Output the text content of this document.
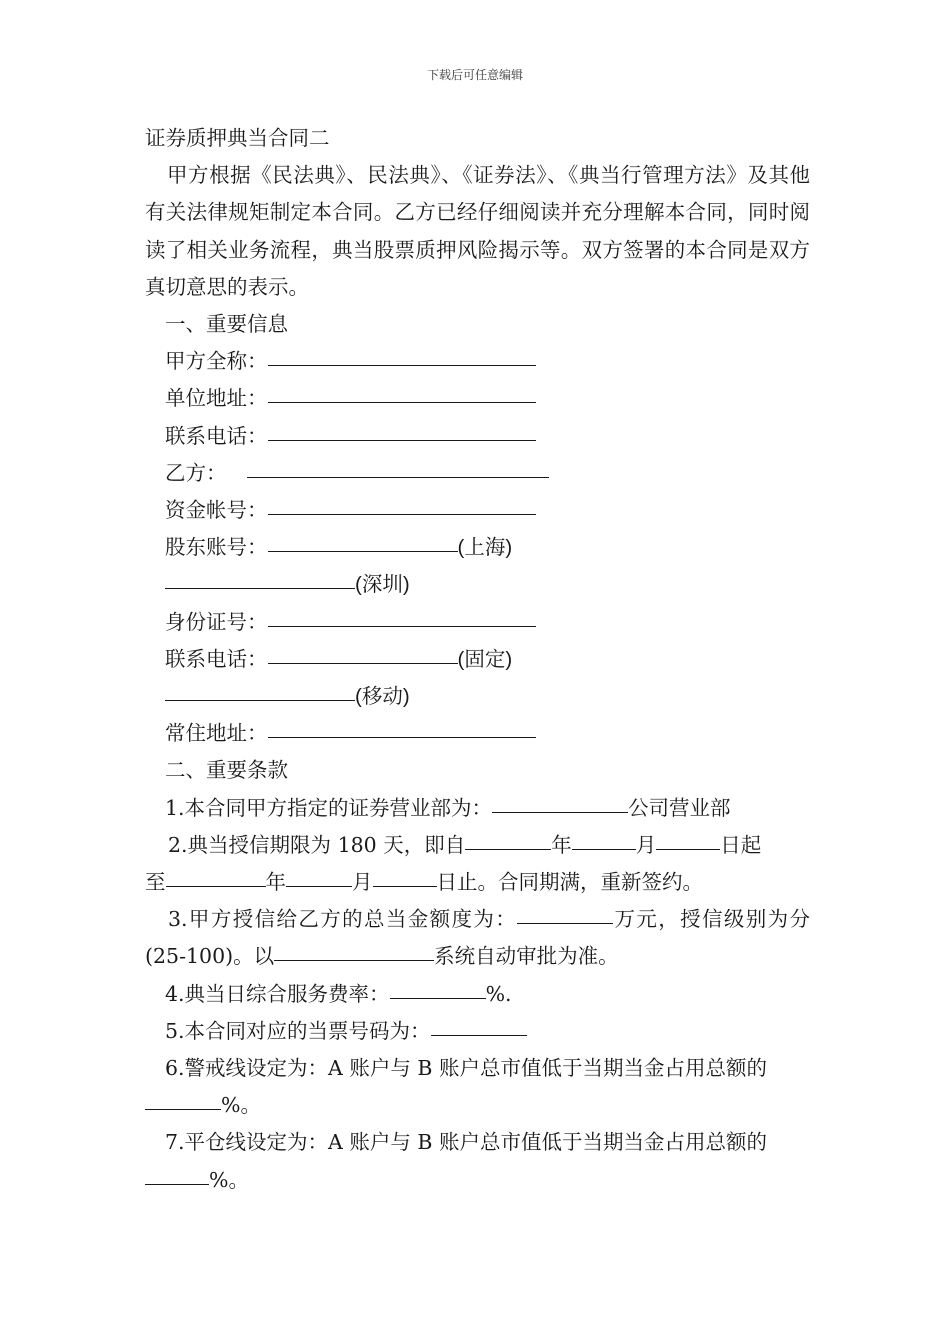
下载后可任意编辑
证券质押典当合同二
甲方根据《民法典》、民法典》、《证券法》、《典当行管理方法》及其他有关法律规矩制定本合同。乙方已经仔细阅读并充分理解本合同，同时阅读了相关业务流程，典当股票质押风险揭示等。双方签署的本合同是双方真切意思的表示。
一、重要信息
甲方全称：
单位地址：
联系电话：
乙方：
资金帐号：
股东账号：	(上海)
(深圳)
身份证号：
联系电话：	(固定)
(移动)
常住地址：
二、重要条款
1.本合同甲方指定的证券营业部为：	公司营业部
2.典当授信期限为 180 天，即自	年	月	日起
至	年	月	日止。合同期满，重新签约。
3.甲方授信给乙方的总当金额度为：	万元，授信级别为分(25-100)。以	系统自动审批为准。
4.典当日综合服务费率：	%.
5.本合同对应的当票号码为：
6.警戒线设定为：A 账户与 B 账户总市值低于当期当金占用总额的
%。
7.平仓线设定为：A 账户与 B 账户总市值低于当期当金占用总额的
%。
